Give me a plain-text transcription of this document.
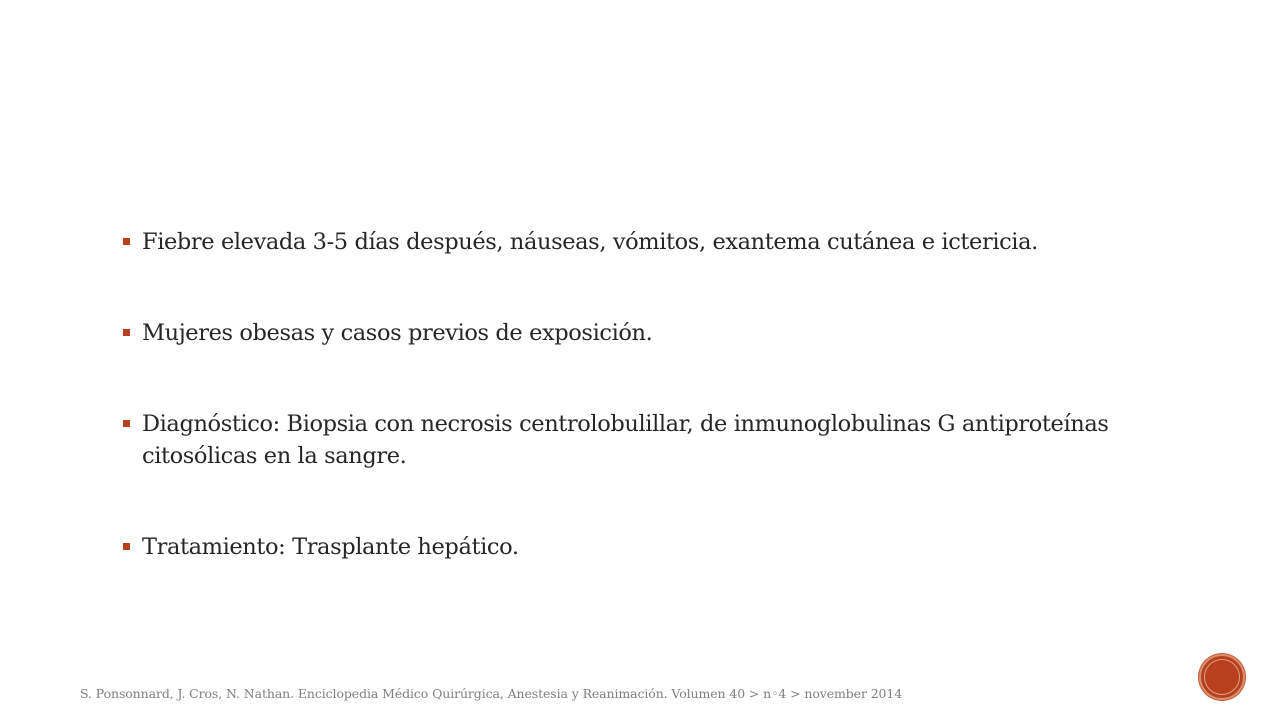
Fiebre elevada 3-5 días después, náuseas, vómitos, exantema cutánea e ictericia.
Mujeres obesas y casos previos de exposición.
Diagnóstico: Biopsia con necrosis centrolobulillar, de inmunoglobulinas G antiproteínas citosólicas en la sangre.
Tratamiento: Trasplante hepático.
S. Ponsonnard, J. Cros, N. Nathan. Enciclopedia Médico Quirúrgica, Anestesia y Reanimación. Volumen 40 > n◦4 > november 2014
